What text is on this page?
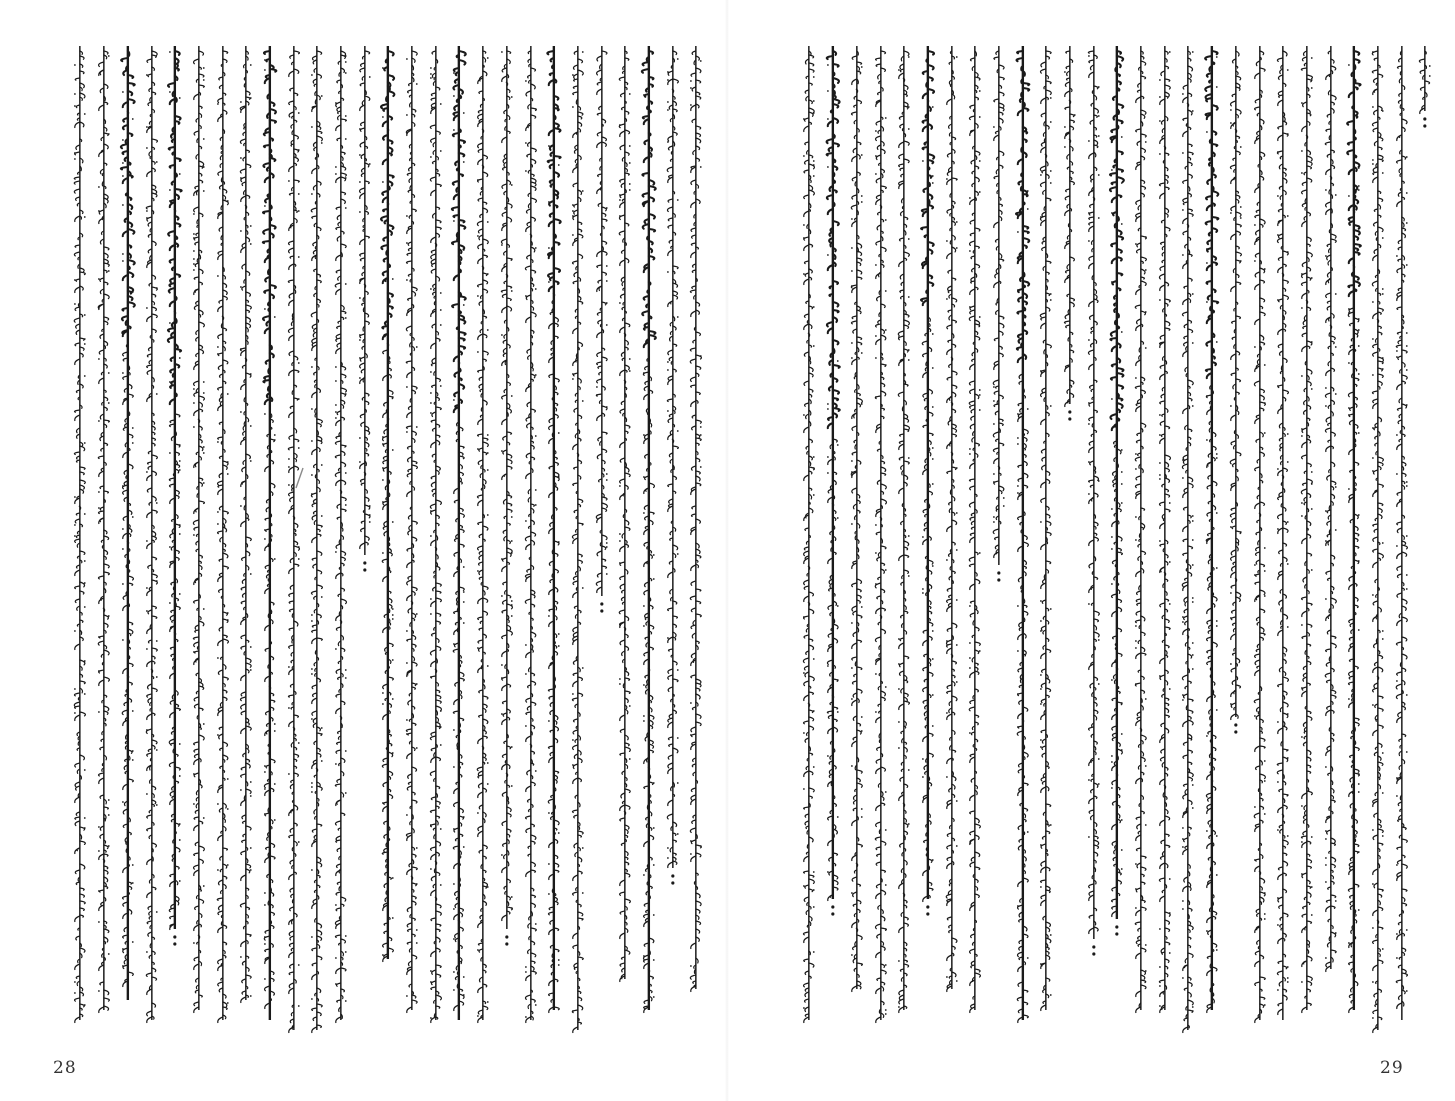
28	29
